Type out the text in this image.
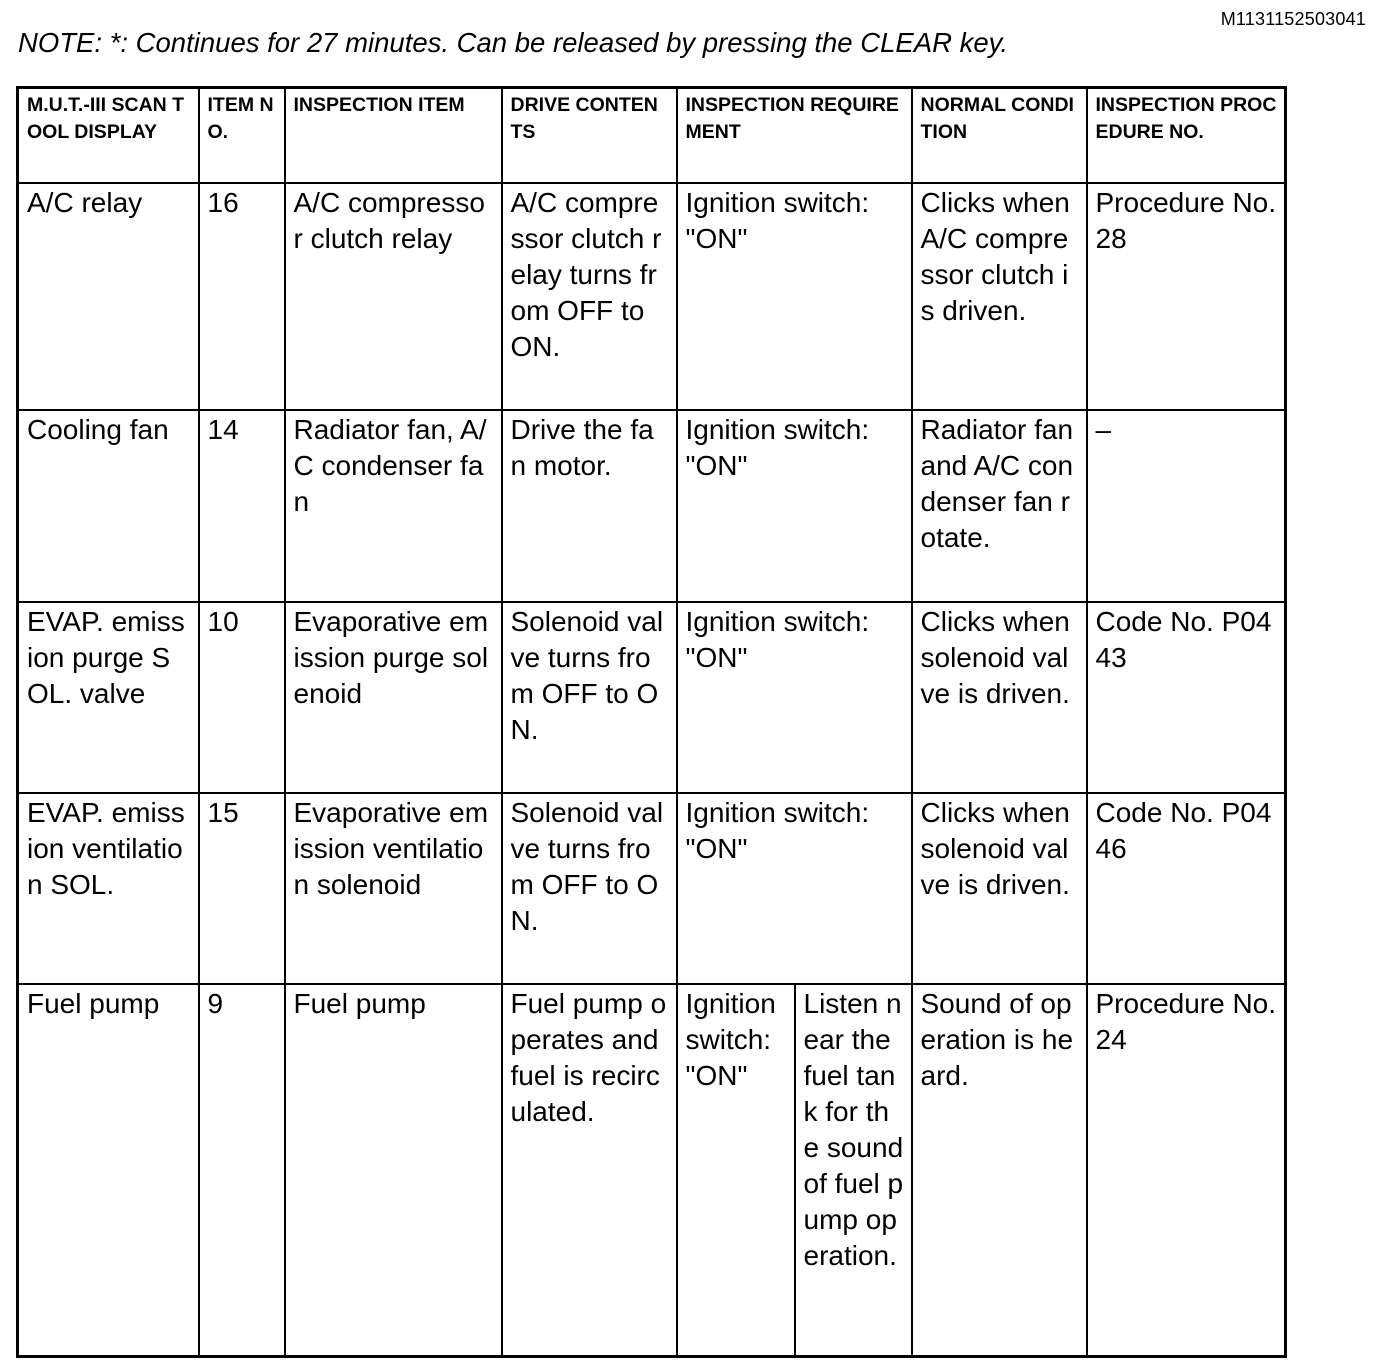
M1131152503041
NOTE: *: Continues for 27 minutes. Can be released by pressing the CLEAR key.
M.U.T.-III SCAN TOOL DISPLAY	ITEM NO.	INSPECTION ITEM	DRIVE CONTENTS	INSPECTION REQUIREMENT		NORMAL CONDITION	INSPECTION PROCEDURE NO.
A/C relay	16	A/C compressor clutch relay	A/C compressor clutch relay turns from OFF to ON.	Ignition switch: "ON"		Clicks when A/C compressor clutch is driven.	Procedure No. 28
Cooling fan	14	Radiator fan, A/C condenser fan	Drive the fan motor.	Ignition switch: "ON"		Radiator fan and A/C condenser fan rotate.	–
EVAP. emission purge SOL. valve	10	Evaporative emission purge solenoid	Solenoid valve turns from OFF to ON.	Ignition switch: "ON"		Clicks when solenoid valve is driven.	Code No. P0443
EVAP. emission ventilation SOL.	15	Evaporative emission ventilation solenoid	Solenoid valve turns from OFF to ON.	Ignition switch: "ON"		Clicks when solenoid valve is driven.	Code No. P0446
Fuel pump	9	Fuel pump	Fuel pump operates and fuel is recirculated.	Ignition switch: "ON"	Listen near the fuel tank for the sound of fuel pump operation.	Sound of operation is heard.	Procedure No. 24
